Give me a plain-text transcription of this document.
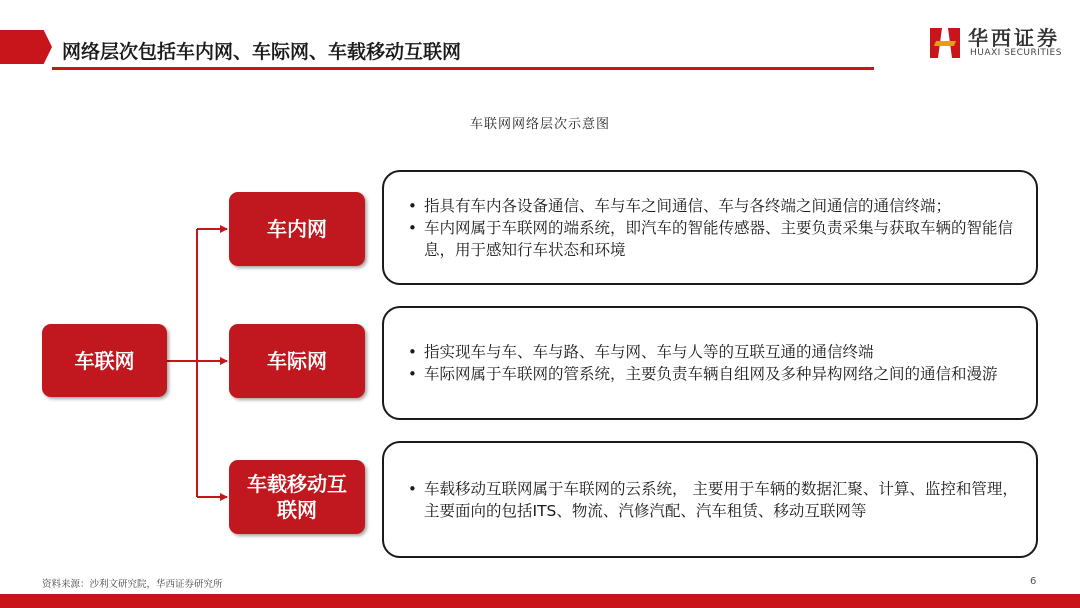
网络层次包括车内网、车际网、车载移动互联网
华西证券
HUAXI SECURITIES
车联网网络层次示意图
车联网
车内网
车际网
车载移动互联网
• 指具有车内各设备通信、车与车之间通信、车与各终端之间通信的通信终端；
• 车内网属于车联网的端系统，即汽车的智能传感器、主要负责采集与获取车辆的智能信息，用于感知行车状态和环境
• 指实现车与车、车与路、车与网、车与人等的互联互通的通信终端
• 车际网属于车联网的管系统，主要负责车辆自组网及多种异构网络之间的通信和漫游
• 车载移动互联网属于车联网的云系统， 主要用于车辆的数据汇聚、计算、监控和管理，主要面向的包括ITS、物流、汽修汽配、汽车租赁、移动互联网等
资料来源：沙利文研究院，华西证券研究所	6
